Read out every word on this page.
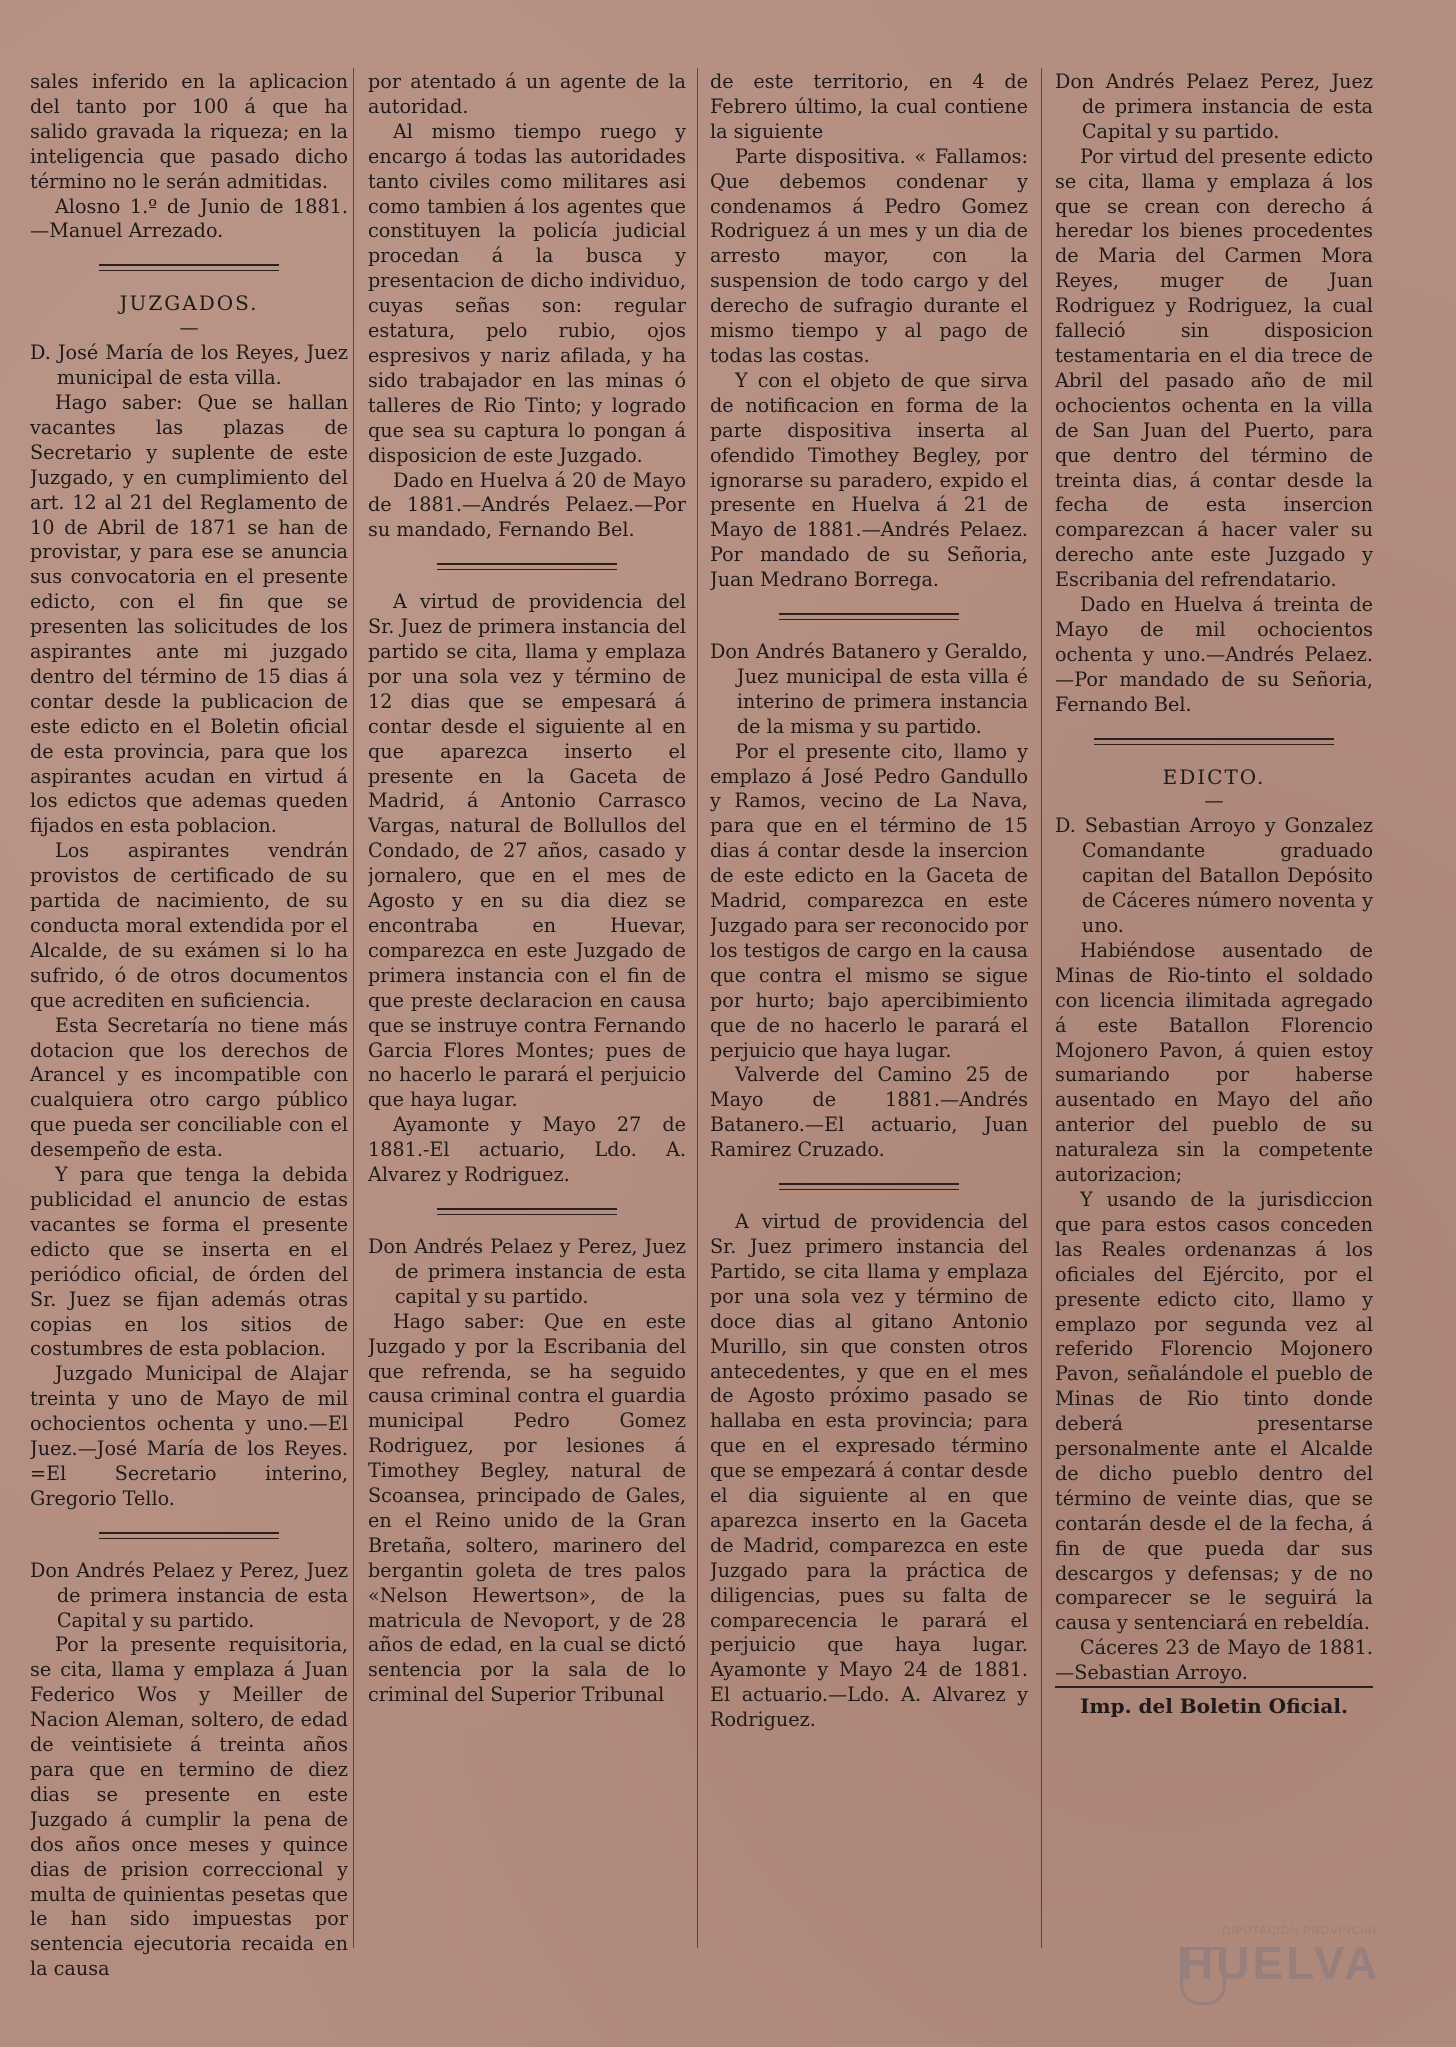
sales inferido en la aplicacion del tanto por 100 á que ha salido gravada la riqueza; en la inteligencia que pasado dicho término no le serán admitidas.

Alosno 1.º de Junio de 1881. —Manuel Arrezado.

JUZGADOS.

—

D. José María de los Reyes, Juez municipal de esta villa.

Hago saber: Que se hallan vacantes las plazas de Secretario y suplente de este Juzgado, y en cumplimiento del art. 12 al 21 del Reglamento de 10 de Abril de 1871 se han de provistar, y para ese se anuncia sus convocatoria en el presente edicto, con el fin que se presenten las solicitudes de los aspirantes ante mi juzgado dentro del término de 15 dias á contar desde la publicacion de este edicto en el Boletin oficial de esta provincia, para que los aspirantes acudan en virtud á los edictos que ademas queden fijados en esta poblacion.

Los aspirantes vendrán provistos de certificado de su partida de nacimiento, de su conducta moral extendida por el Alcalde, de su exámen si lo ha sufrido, ó de otros documentos que acrediten en suficiencia.

Esta Secretaría no tiene más dotacion que los derechos de Arancel y es incompatible con cualquiera otro cargo público que pueda ser conciliable con el desempeño de esta.

Y para que tenga la debida publicidad el anuncio de estas vacantes se forma el presente edicto que se inserta en el periódico oficial, de órden del Sr. Juez se fijan además otras copias en los sitios de costumbres de esta poblacion.

Juzgado Municipal de Alajar treinta y uno de Mayo de mil ochocientos ochenta y uno.—El Juez.—José María de los Reyes. =El Secretario interino, Gregorio Tello.

Don Andrés Pelaez y Perez, Juez de primera instancia de esta Capital y su partido.

Por la presente requisitoria, se cita, llama y emplaza á Juan Federico Wos y Meiller de Nacion Aleman, soltero, de edad de veintisiete á treinta años para que en termino de diez dias se presente en este Juzgado á cumplir la pena de dos años once meses y quince dias de prision correccional y multa de quinientas pesetas que le han sido impuestas por sentencia ejecutoria recaida en la causa

por atentado á un agente de la autoridad.

Al mismo tiempo ruego y encargo á todas las autoridades tanto civiles como militares asi como tambien á los agentes que constituyen la policía judicial procedan á la busca y presentacion de dicho individuo, cuyas señas son: regular estatura, pelo rubio, ojos espresivos y nariz afilada, y ha sido trabajador en las minas ó talleres de Rio Tinto; y logrado que sea su captura lo pongan á disposicion de este Juzgado.

Dado en Huelva á 20 de Mayo de 1881.—Andrés Pelaez.—Por su mandado, Fernando Bel.

A virtud de providencia del Sr. Juez de primera instancia del partido se cita, llama y emplaza por una sola vez y término de 12 dias que se empesará á contar desde el siguiente al en que aparezca inserto el presente en la Gaceta de Madrid, á Antonio Carrasco Vargas, natural de Bollullos del Condado, de 27 años, casado y jornalero, que en el mes de Agosto y en su dia diez se encontraba en Huevar, comparezca en este Juzgado de primera instancia con el fin de que preste declaracion en causa que se instruye contra Fernando Garcia Flores Montes; pues de no hacerlo le parará el perjuicio que haya lugar.

Ayamonte y Mayo 27 de 1881.-El actuario, Ldo. A. Alvarez y Rodriguez.

Don Andrés Pelaez y Perez, Juez de primera instancia de esta capital y su partido.

Hago saber: Que en este Juzgado y por la Escribania del que refrenda, se ha seguido causa criminal contra el guardia municipal Pedro Gomez Rodriguez, por lesiones á Timothey Begley, natural de Scoansea, principado de Gales, en el Reino unido de la Gran Bretaña, soltero, marinero del bergantin goleta de tres palos «Nelson Hewertson», de la matricula de Nevoport, y de 28 años de edad, en la cual se dictó sentencia por la sala de lo criminal del Superior Tribunal

de este territorio, en 4 de Febrero último, la cual contiene la siguiente

Parte dispositiva. « Fallamos: Que debemos condenar y condenamos á Pedro Gomez Rodriguez á un mes y un dia de arresto mayor, con la suspension de todo cargo y del derecho de sufragio durante el mismo tiempo y al pago de todas las costas.

Y con el objeto de que sirva de notificacion en forma de la parte dispositiva inserta al ofendido Timothey Begley, por ignorarse su paradero, expido el presente en Huelva á 21 de Mayo de 1881.—Andrés Pelaez. Por mandado de su Señoria, Juan Medrano Borrega.

Don Andrés Batanero y Geraldo, Juez municipal de esta villa é interino de primera instancia de la misma y su partido.

Por el presente cito, llamo y emplazo á José Pedro Gandullo y Ramos, vecino de La Nava, para que en el término de 15 dias á contar desde la insercion de este edicto en la Gaceta de Madrid, comparezca en este Juzgado para ser reconocido por los testigos de cargo en la causa que contra el mismo se sigue por hurto; bajo apercibimiento que de no hacerlo le parará el perjuicio que haya lugar.

Valverde del Camino 25 de Mayo de 1881.—Andrés Batanero.—El actuario, Juan Ramirez Cruzado.

A virtud de providencia del Sr. Juez primero instancia del Partido, se cita llama y emplaza por una sola vez y término de doce dias al gitano Antonio Murillo, sin que consten otros antecedentes, y que en el mes de Agosto próximo pasado se hallaba en esta provincia; para que en el expresado término que se empezará á contar desde el dia siguiente al en que aparezca inserto en la Gaceta de Madrid, comparezca en este Juzgado para la práctica de diligencias, pues su falta de comparecencia le parará el perjuicio que haya lugar. Ayamonte y Mayo 24 de 1881. El actuario.—Ldo. A. Alvarez y Rodriguez.

Don Andrés Pelaez Perez, Juez de primera instancia de esta Capital y su partido.

Por virtud del presente edicto se cita, llama y emplaza á los que se crean con derecho á heredar los bienes procedentes de Maria del Carmen Mora Reyes, muger de Juan Rodriguez y Rodriguez, la cual falleció sin disposicion testamentaria en el dia trece de Abril del pasado año de mil ochocientos ochenta en la villa de San Juan del Puerto, para que dentro del término de treinta dias, á contar desde la fecha de esta insercion comparezcan á hacer valer su derecho ante este Juzgado y Escribania del refrendatario.

Dado en Huelva á treinta de Mayo de mil ochocientos ochenta y uno.—Andrés Pelaez.—Por mandado de su Señoria, Fernando Bel.

EDICTO.

—

D. Sebastian Arroyo y Gonzalez Comandante graduado capitan del Batallon Depósito de Cáceres número noventa y uno.

Habiéndose ausentado de Minas de Rio-tinto el soldado con licencia ilimitada agregado á este Batallon Florencio Mojonero Pavon, á quien estoy sumariando por haberse ausentado en Mayo del año anterior del pueblo de su naturaleza sin la competente autorizacion;

Y usando de la jurisdiccion que para estos casos conceden las Reales ordenanzas á los oficiales del Ejército, por el presente edicto cito, llamo y emplazo por segunda vez al referido Florencio Mojonero Pavon, señalándole el pueblo de Minas de Rio tinto donde deberá presentarse personalmente ante el Alcalde de dicho pueblo dentro del término de veinte dias, que se contarán desde el de la fecha, á fin de que pueda dar sus descargos y defensas; y de no comparecer se le seguirá la causa y sentenciará en rebeldía.

Cáceres 23 de Mayo de 1881.—Sebastian Arroyo.

Imp. del Boletin Oficial.

DIPUTACIÓN PROVINCIAL
HUELVA
